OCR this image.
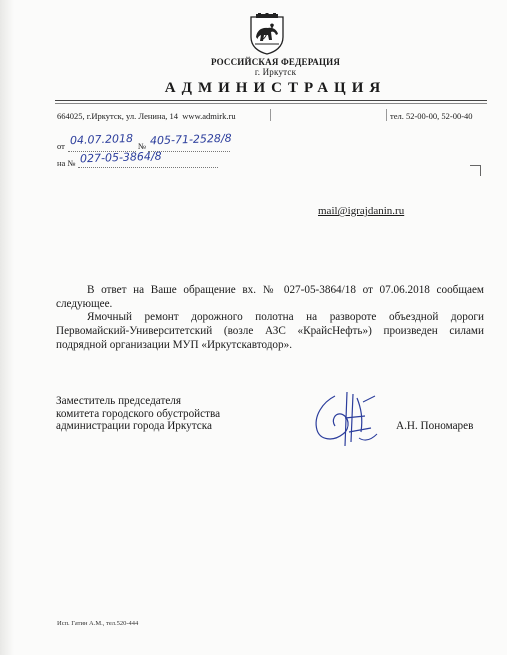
РОССИЙСКАЯ ФЕДЕРАЦИЯ
г. Иркутск
АДМИНИСТРАЦИЯ
664025, г.Иркутск, ул. Ленина, 14 www.admirk.ru	тел. 52-00-00, 52-00-40
от 04.07.2018 № 405-71-2528/8
на № 027-05-3864/8
mail@igrajdanin.ru
В ответ на Ваше обращение вх. № 027-05-3864/18 от 07.06.2018 сообщаем следующее.
Ямочный ремонт дорожного полотна на развороте объездной дороги Первомайский-Университетский (возле АЗС «КрайсНефть») произведен силами подрядной организации МУП «Иркутскавтодор».
Заместитель председателя
комитета городского обустройства
администрации города Иркутска	А.Н. Пономарев
Исп. Гатин А.М., тел.520-444
